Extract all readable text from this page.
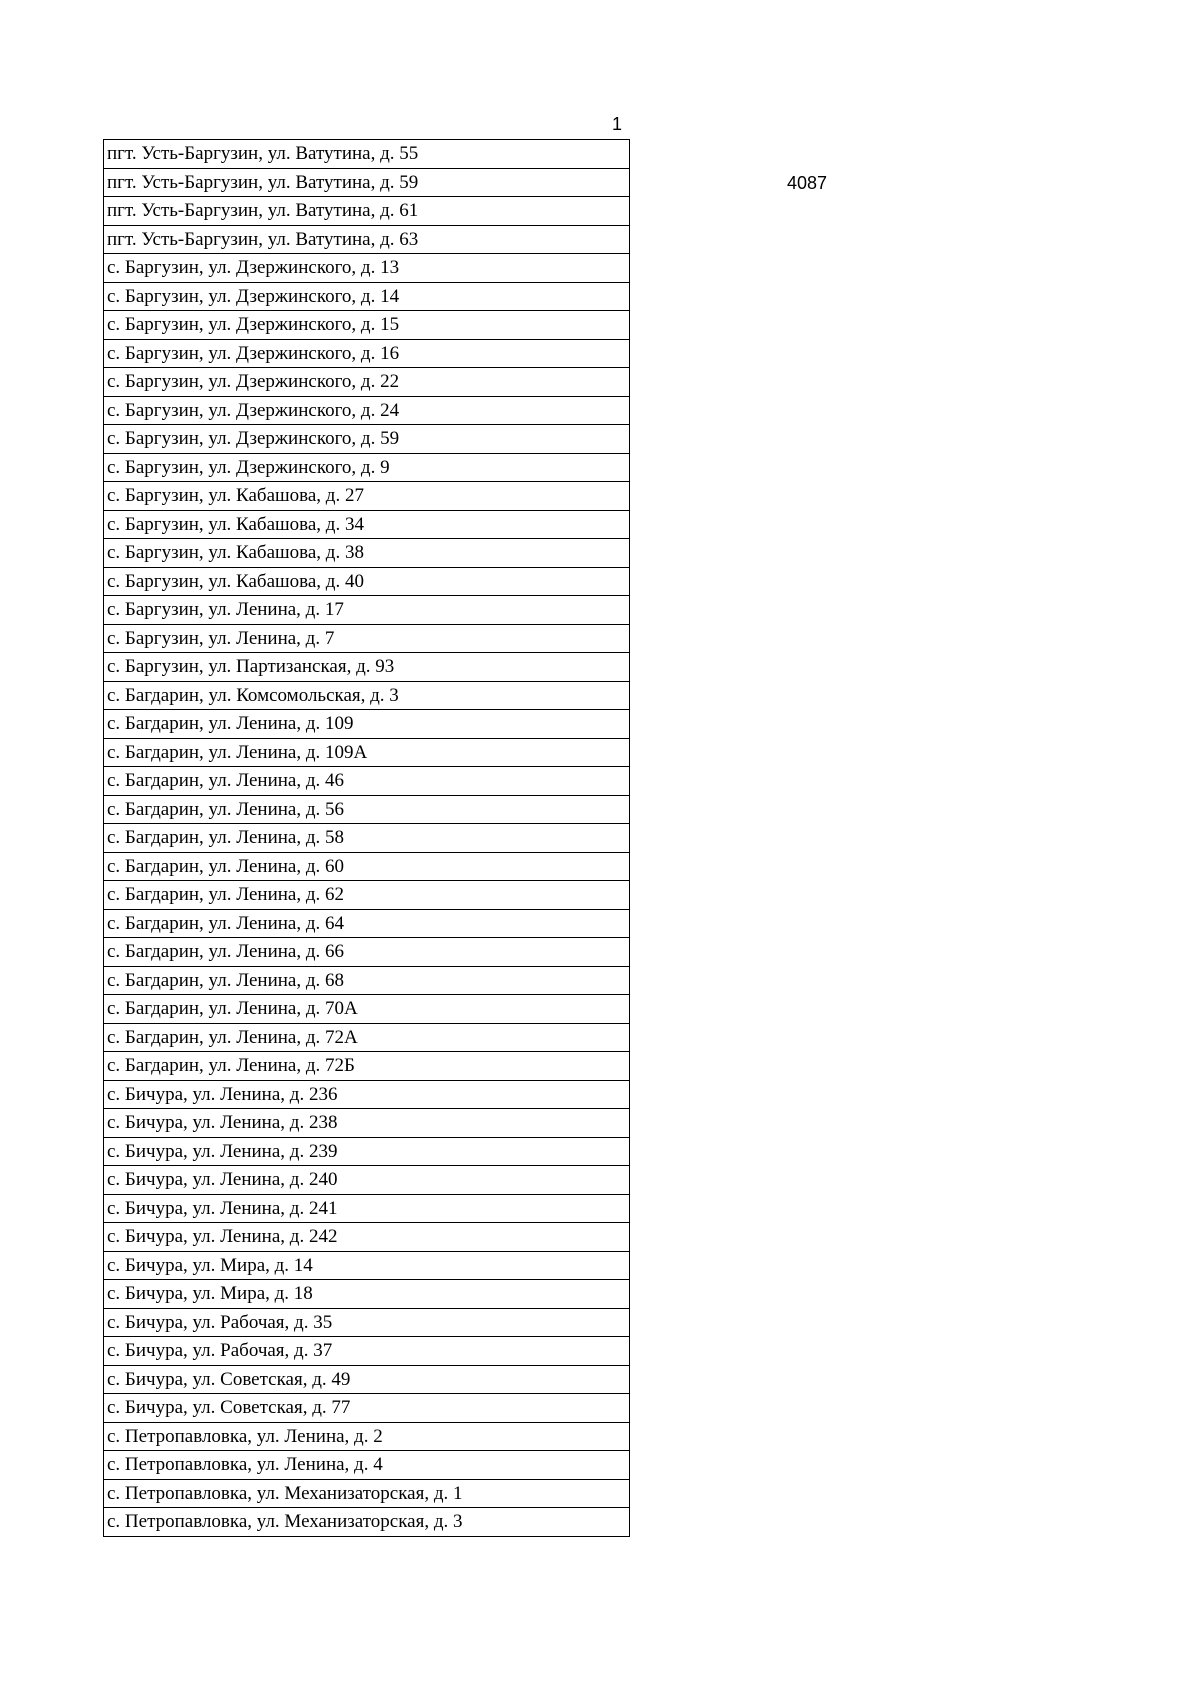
1
4087
пгт. Усть-Баргузин, ул. Ватутина, д. 55
пгт. Усть-Баргузин, ул. Ватутина, д. 59
пгт. Усть-Баргузин, ул. Ватутина, д. 61
пгт. Усть-Баргузин, ул. Ватутина, д. 63
с. Баргузин, ул. Дзержинского, д. 13
с. Баргузин, ул. Дзержинского, д. 14
с. Баргузин, ул. Дзержинского, д. 15
с. Баргузин, ул. Дзержинского, д. 16
с. Баргузин, ул. Дзержинского, д. 22
с. Баргузин, ул. Дзержинского, д. 24
с. Баргузин, ул. Дзержинского, д. 59
с. Баргузин, ул. Дзержинского, д. 9
с. Баргузин, ул. Кабашова, д. 27
с. Баргузин, ул. Кабашова, д. 34
с. Баргузин, ул. Кабашова, д. 38
с. Баргузин, ул. Кабашова, д. 40
с. Баргузин, ул. Ленина, д. 17
с. Баргузин, ул. Ленина, д. 7
с. Баргузин, ул. Партизанская, д. 93
с. Багдарин, ул. Комсомольская, д. 3
с. Багдарин, ул. Ленина, д. 109
с. Багдарин, ул. Ленина, д. 109А
с. Багдарин, ул. Ленина, д. 46
с. Багдарин, ул. Ленина, д. 56
с. Багдарин, ул. Ленина, д. 58
с. Багдарин, ул. Ленина, д. 60
с. Багдарин, ул. Ленина, д. 62
с. Багдарин, ул. Ленина, д. 64
с. Багдарин, ул. Ленина, д. 66
с. Багдарин, ул. Ленина, д. 68
с. Багдарин, ул. Ленина, д. 70А
с. Багдарин, ул. Ленина, д. 72А
с. Багдарин, ул. Ленина, д. 72Б
с. Бичура, ул. Ленина, д. 236
с. Бичура, ул. Ленина, д. 238
с. Бичура, ул. Ленина, д. 239
с. Бичура, ул. Ленина, д. 240
с. Бичура, ул. Ленина, д. 241
с. Бичура, ул. Ленина, д. 242
с. Бичура, ул. Мира, д. 14
с. Бичура, ул. Мира, д. 18
с. Бичура, ул. Рабочая, д. 35
с. Бичура, ул. Рабочая, д. 37
с. Бичура, ул. Советская, д. 49
с. Бичура, ул. Советская, д. 77
с. Петропавловка, ул. Ленина, д. 2
с. Петропавловка, ул. Ленина, д. 4
с. Петропавловка, ул. Механизаторская, д. 1
с. Петропавловка, ул. Механизаторская, д. 3
